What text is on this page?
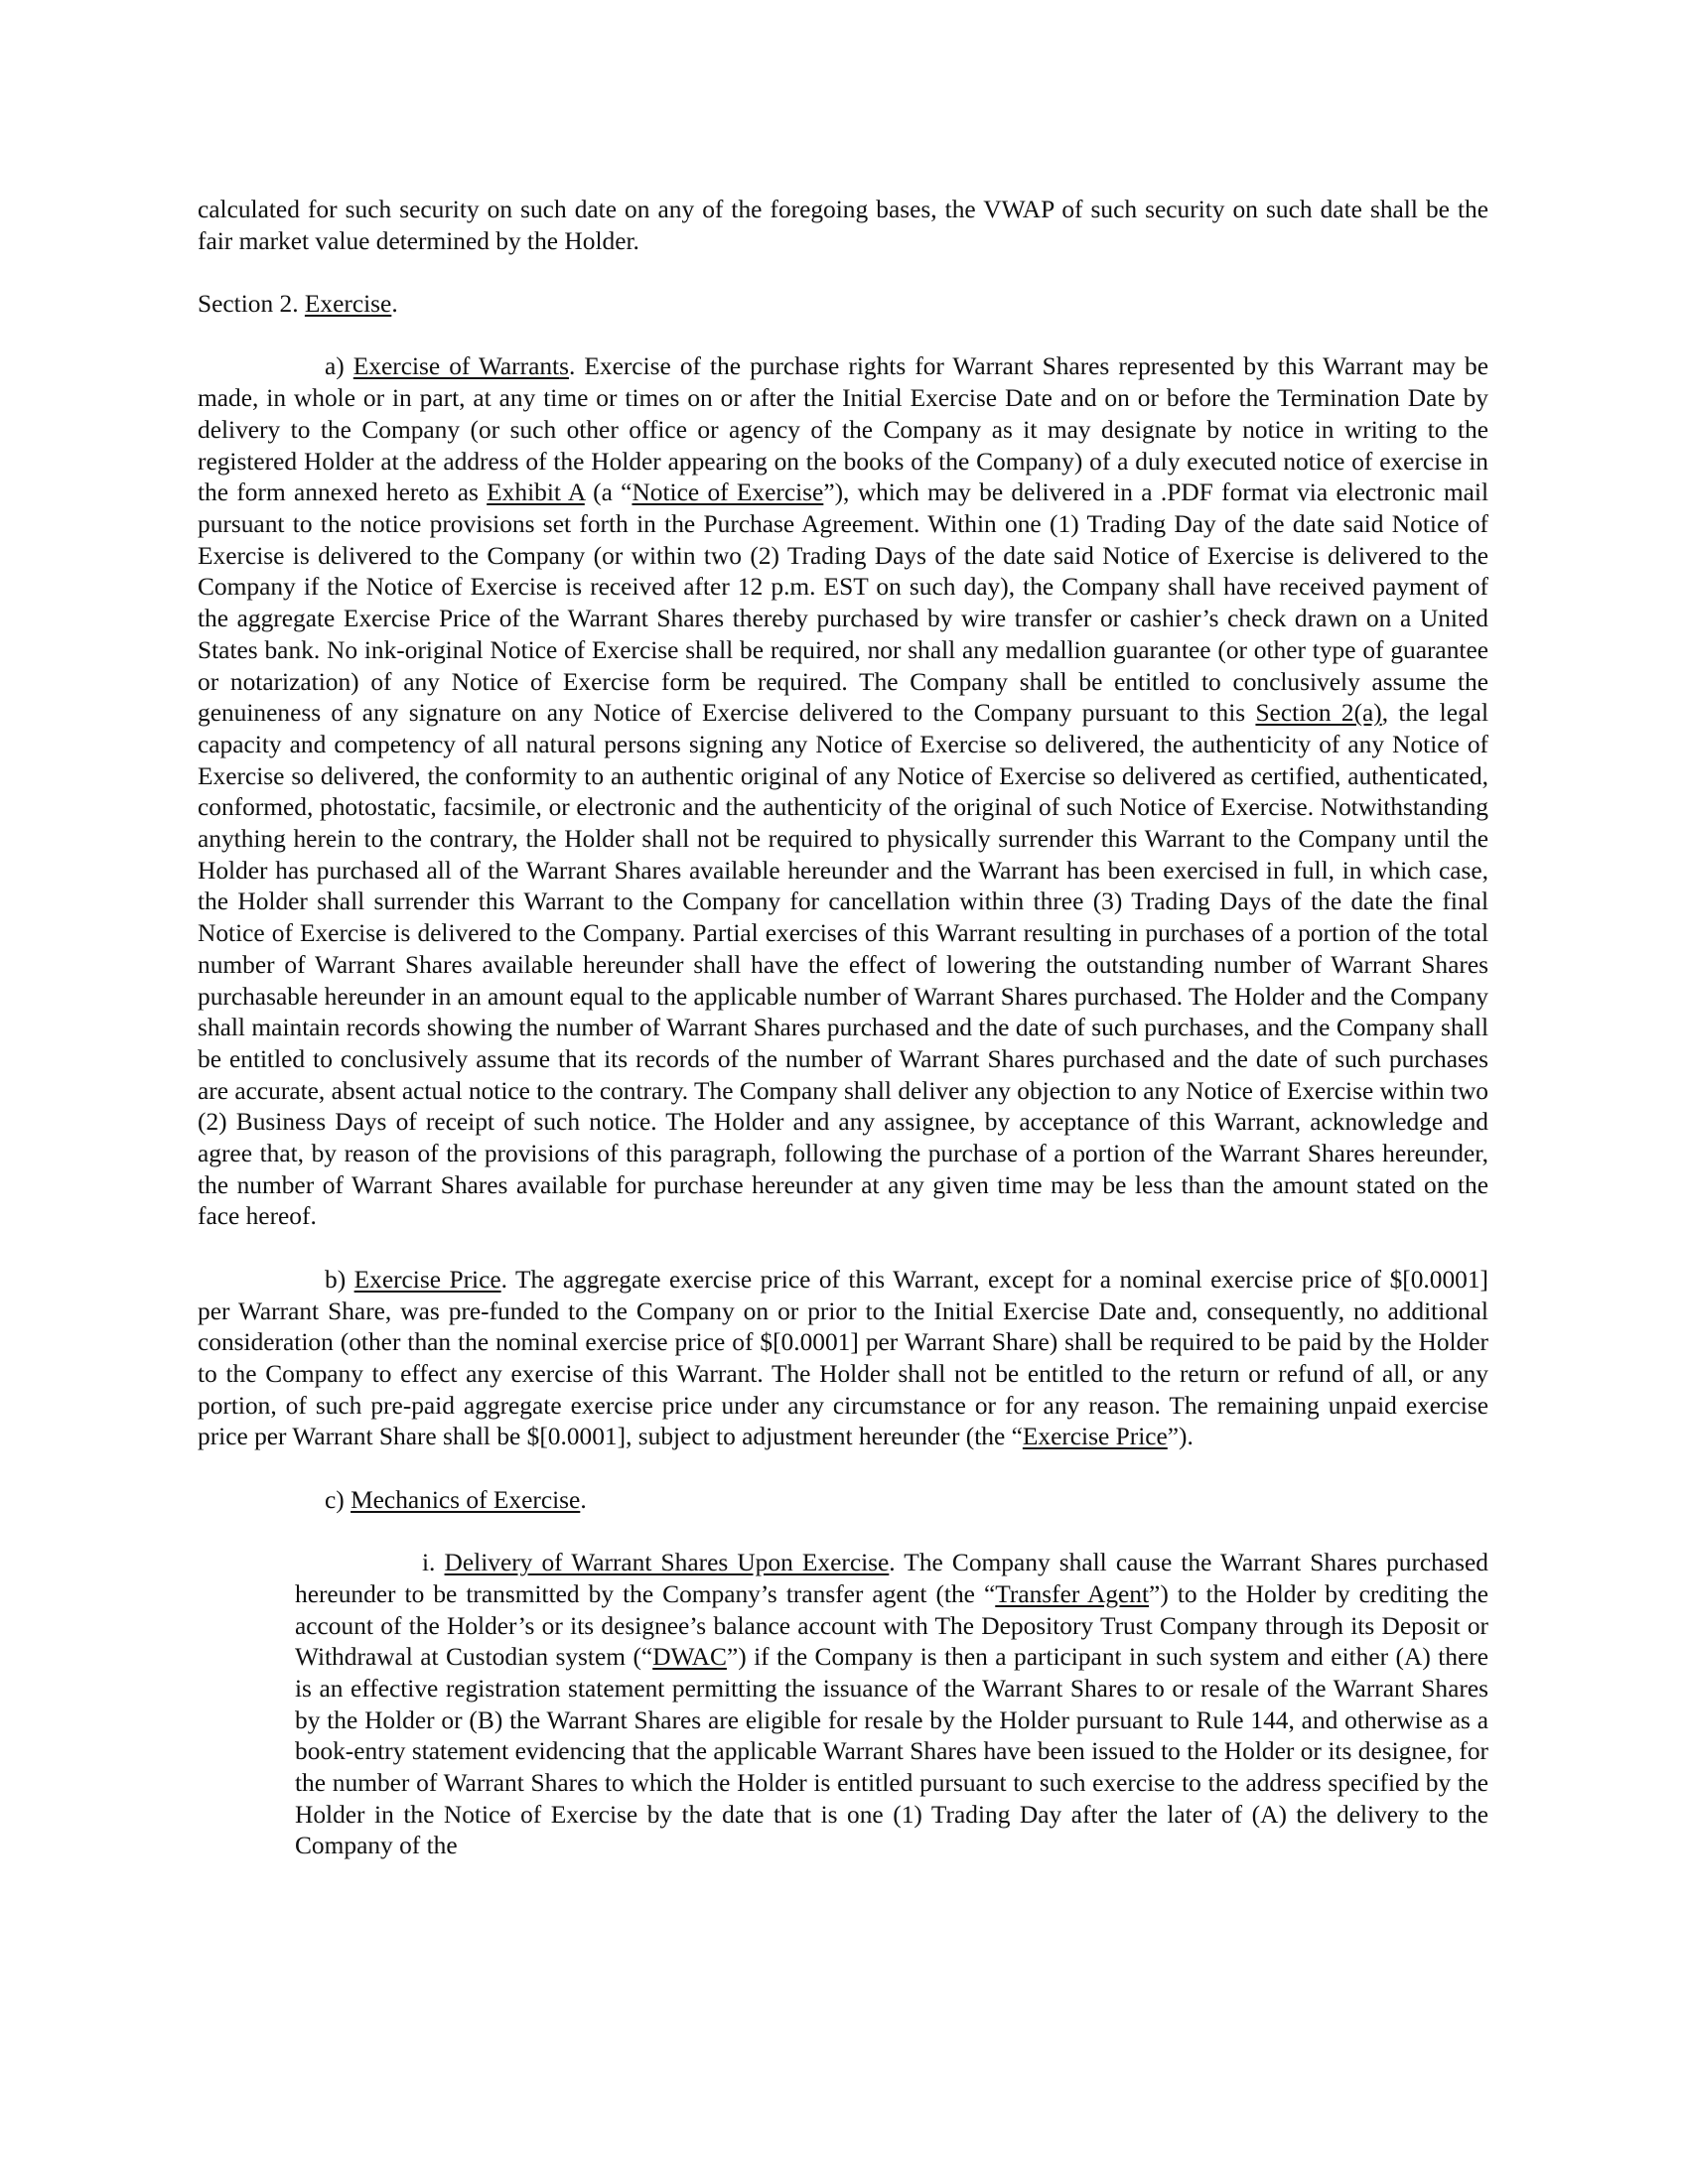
calculated for such security on such date on any of the foregoing bases, the VWAP of such security on such date shall be the fair market value determined by the Holder.

Section 2. Exercise.

a) Exercise of Warrants. Exercise of the purchase rights for Warrant Shares represented by this Warrant may be made, in whole or in part, at any time or times on or after the Initial Exercise Date and on or before the Termination Date by delivery to the Company (or such other office or agency of the Company as it may designate by notice in writing to the registered Holder at the address of the Holder appearing on the books of the Company) of a duly executed notice of exercise in the form annexed hereto as Exhibit A (a “Notice of Exercise”), which may be delivered in a .PDF format via electronic mail pursuant to the notice provisions set forth in the Purchase Agreement. Within one (1) Trading Day of the date said Notice of Exercise is delivered to the Company (or within two (2) Trading Days of the date said Notice of Exercise is delivered to the Company if the Notice of Exercise is received after 12 p.m. EST on such day), the Company shall have received payment of the aggregate Exercise Price of the Warrant Shares thereby purchased by wire transfer or cashier’s check drawn on a United States bank. No ink-original Notice of Exercise shall be required, nor shall any medallion guarantee (or other type of guarantee or notarization) of any Notice of Exercise form be required. The Company shall be entitled to conclusively assume the genuineness of any signature on any Notice of Exercise delivered to the Company pursuant to this Section 2(a), the legal capacity and competency of all natural persons signing any Notice of Exercise so delivered, the authenticity of any Notice of Exercise so delivered, the conformity to an authentic original of any Notice of Exercise so delivered as certified, authenticated, conformed, photostatic, facsimile, or electronic and the authenticity of the original of such Notice of Exercise. Notwithstanding anything herein to the contrary, the Holder shall not be required to physically surrender this Warrant to the Company until the Holder has purchased all of the Warrant Shares available hereunder and the Warrant has been exercised in full, in which case, the Holder shall surrender this Warrant to the Company for cancellation within three (3) Trading Days of the date the final Notice of Exercise is delivered to the Company. Partial exercises of this Warrant resulting in purchases of a portion of the total number of Warrant Shares available hereunder shall have the effect of lowering the outstanding number of Warrant Shares purchasable hereunder in an amount equal to the applicable number of Warrant Shares purchased. The Holder and the Company shall maintain records showing the number of Warrant Shares purchased and the date of such purchases, and the Company shall be entitled to conclusively assume that its records of the number of Warrant Shares purchased and the date of such purchases are accurate, absent actual notice to the contrary. The Company shall deliver any objection to any Notice of Exercise within two (2) Business Days of receipt of such notice. The Holder and any assignee, by acceptance of this Warrant, acknowledge and agree that, by reason of the provisions of this paragraph, following the purchase of a portion of the Warrant Shares hereunder, the number of Warrant Shares available for purchase hereunder at any given time may be less than the amount stated on the face hereof.

b) Exercise Price. The aggregate exercise price of this Warrant, except for a nominal exercise price of $[0.0001] per Warrant Share, was pre-funded to the Company on or prior to the Initial Exercise Date and, consequently, no additional consideration (other than the nominal exercise price of $[0.0001] per Warrant Share) shall be required to be paid by the Holder to the Company to effect any exercise of this Warrant. The Holder shall not be entitled to the return or refund of all, or any portion, of such pre-paid aggregate exercise price under any circumstance or for any reason. The remaining unpaid exercise price per Warrant Share shall be $[0.0001], subject to adjustment hereunder (the “Exercise Price”).

c) Mechanics of Exercise.

i. Delivery of Warrant Shares Upon Exercise. The Company shall cause the Warrant Shares purchased hereunder to be transmitted by the Company’s transfer agent (the “Transfer Agent”) to the Holder by crediting the account of the Holder’s or its designee’s balance account with The Depository Trust Company through its Deposit or Withdrawal at Custodian system (“DWAC”) if the Company is then a participant in such system and either (A) there is an effective registration statement permitting the issuance of the Warrant Shares to or resale of the Warrant Shares by the Holder or (B) the Warrant Shares are eligible for resale by the Holder pursuant to Rule 144, and otherwise as a book-entry statement evidencing that the applicable Warrant Shares have been issued to the Holder or its designee, for the number of Warrant Shares to which the Holder is entitled pursuant to such exercise to the address specified by the Holder in the Notice of Exercise by the date that is one (1) Trading Day after the later of (A) the delivery to the Company of the
